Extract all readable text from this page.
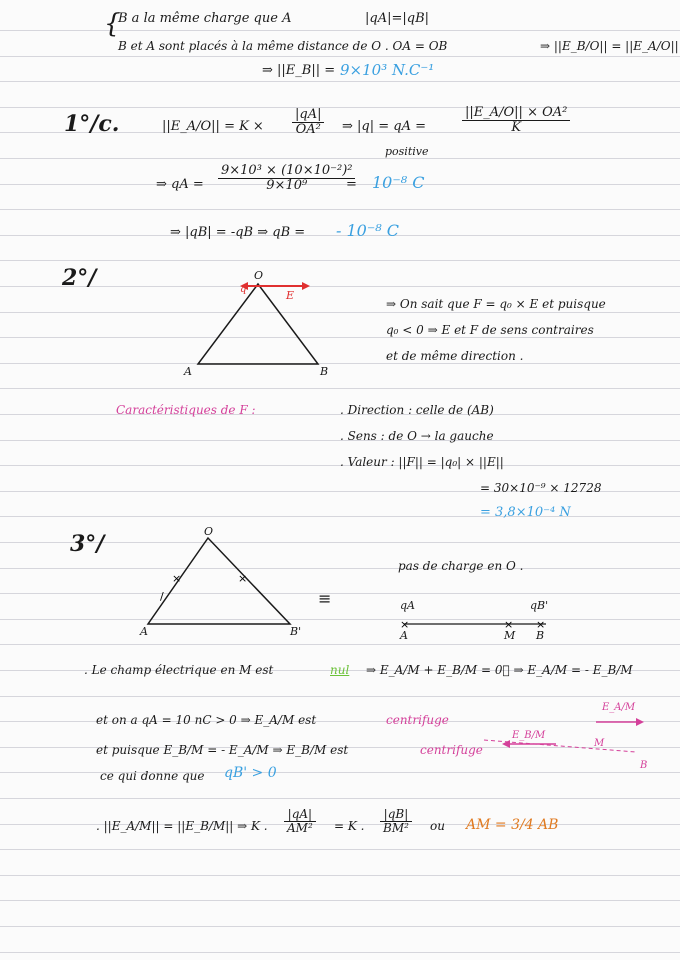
{
B a la même charge que A	|qA|=|qB|
B et A sont placés à la même distance de O . OA = OB	⇒ ||E_B/O|| = ||E_A/O||
⇒ ||E_B|| = 9×10³ N.C⁻¹
1°/c.	||E_A/O|| = $K \times \frac{|qA|}{\text{OA²}}$ ⇒ |q| = qA =
positive
$\frac{\text{||E\_A/O|| × OA²}}{K}$
⇒ qA = $\frac{\text{9×10³ × (10×10⁻²)²}}{\text{9×10⁹}}$
= 10⁻⁸ C
⇒ |qB| = -qB ⇒ qB = - 10⁻⁸ C
2°/
×
/
×
×	× ×
O
A	B
E
q
⇒ On sait que F = q₀ × E et puisque
q₀ < 0 ⇒ E et F de sens contraires
et de même direction .
Caractéristiques de F :	. Direction : celle de (AB)
. Sens : de O → la gauche
. Valeur : ||F|| = |q₀| × ||E||
= 30×10⁻⁹ × 12728
= 3,8×10⁻⁴ N
3°/	O
A	B'
≡
pas de charge en O .
qA	qB'
A	M B
. Le champ électrique en M est	nul ⇒ E_A/M + E_B/M = 0⃗ ⇒ E_A/M = - E_B/M
et on a qA = 10 nC > 0 ⇒ E_A/M est	centrifuge
et puisque E_B/M = - E_A/M ⇒ E_B/M est	centrifuge
ce qui donne que qB' > 0
E_A/M
E_B/M
M
B
. ||E_A/M|| = ||E_B/M|| ⇒ K . $\frac{|qA|}{\text{AM²}} = K$ . $\frac{|qB|}{\text{BM²}}$ ou AM = 3/4 AB
